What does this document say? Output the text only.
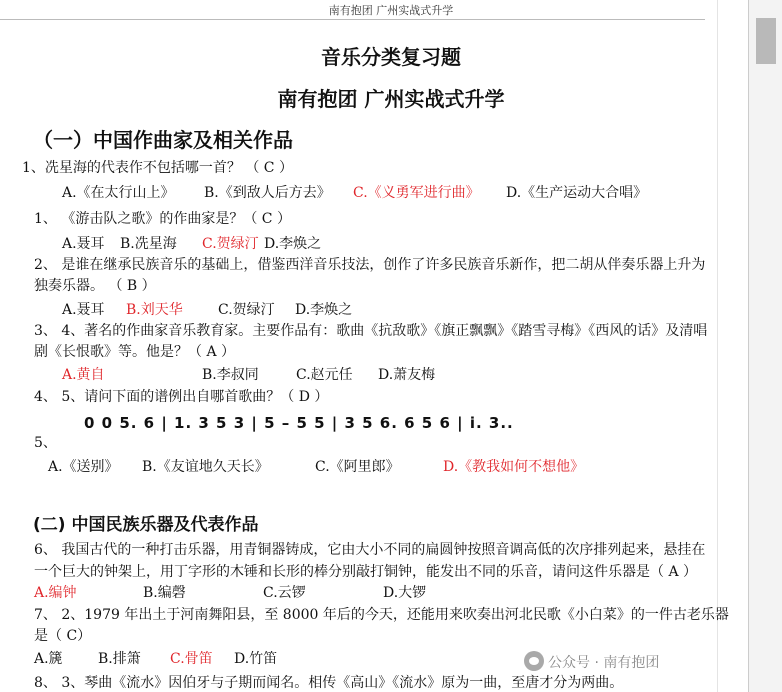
南有抱团 广州实战式升学
音乐分类复习题
南有抱团 广州实战式升学
（一）中国作曲家及相关作品
1、冼星海的代表作不包括哪一首？ （ C ）
A.《在太行山上》 B.《到敌人后方去》 C.《义勇军进行曲》 D.《生产运动大合唱》
1、 《游击队之歌》的作曲家是？（ C ）
A.聂耳 B.冼星海 C.贺绿汀 D.李焕之
2、 是谁在继承民族音乐的基础上，借鉴西洋音乐技法，创作了许多民族音乐新作，把二胡从伴奏乐器上升为
独奏乐器。 （ B ）
A.聂耳 B.刘天华	C.贺绿汀 D.李焕之
3、 4、著名的作曲家音乐教育家。主要作品有：歌曲《抗敌歌》《旗正飘飘》《踏雪寻梅》《西风的话》及清唱
剧《长恨歌》等。他是？（ A ）
A.黄自	B.李叔同	C.赵元任 D.萧友梅
4、 5、请问下面的谱例出自哪首歌曲？（ D ）
0 0 5. 6 | 1. 3 5 3 | 5 – 5 5 | 3 5 6. 6 5 6 | i. 3..
5、
A.《送别》 B.《友谊地久天长》	C.《阿里郎》	D.《教我如何不想他》
(二) 中国民族乐器及代表作品
6、 我国古代的一种打击乐器，用青铜器铸成，它由大小不同的扁圆钟按照音调高低的次序排列起来，悬挂在
一个巨大的钟架上，用丁字形的木锤和长形的棒分别敲打铜钟，能发出不同的乐音，请问这件乐器是（ A ）
A.编钟	B.编磬	C.云锣	D.大锣
7、 2、1979 年出土于河南舞阳县，至 8000 年后的今天，还能用来吹奏出河北民歌《小白菜》的一件古老乐器
是（ C）
A.篪	B.排箫 C.骨笛 D.竹笛
8、 3、琴曲《流水》因伯牙与子期而闻名。相传《高山》《流水》原为一曲，至唐才分为两曲。
公众号 · 南有抱团
